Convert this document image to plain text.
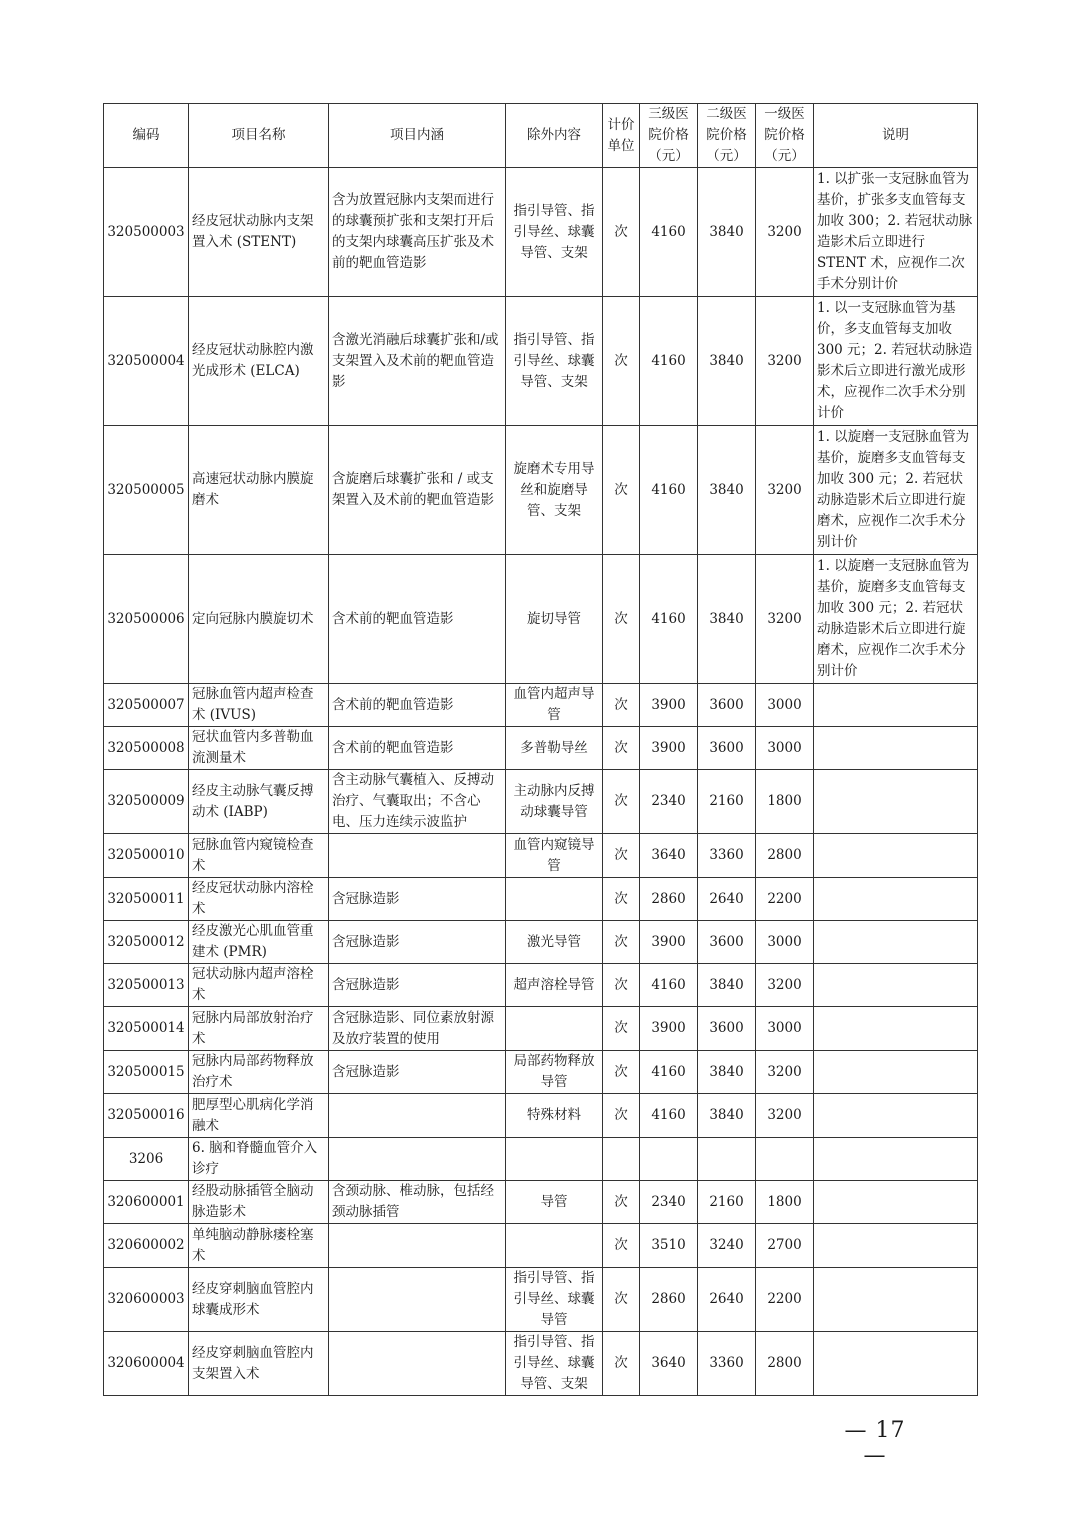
编码	项目名称	项目内涵	除外内容	计价单位	三级医院价格（元）	二级医院价格（元）	一级医院价格（元）	说明
320500003	经皮冠状动脉内支架置入术 (STENT)	含为放置冠脉内支架而进行的球囊预扩张和支架打开后的支架内球囊高压扩张及术前的靶血管造影	指引导管、指引导丝、球囊导管、支架	次	4160	3840	3200	1. 以扩张一支冠脉血管为基价，扩张多支血管每支加收 300；2. 若冠状动脉造影术后立即进行 STENT 术，应视作二次手术分别计价
320500004	经皮冠状动脉腔内激光成形术 (ELCA)	含激光消融后球囊扩张和/或支架置入及术前的靶血管造影	指引导管、指引导丝、球囊导管、支架	次	4160	3840	3200	1. 以一支冠脉血管为基价，多支血管每支加收 300 元；2. 若冠状动脉造影术后立即进行激光成形术，应视作二次手术分别计价
320500005	高速冠状动脉内膜旋磨术	含旋磨后球囊扩张和 / 或支架置入及术前的靶血管造影	旋磨术专用导丝和旋磨导管、支架	次	4160	3840	3200	1. 以旋磨一支冠脉血管为基价，旋磨多支血管每支加收 300 元；2. 若冠状动脉造影术后立即进行旋磨术，应视作二次手术分别计价
320500006	定向冠脉内膜旋切术	含术前的靶血管造影	旋切导管	次	4160	3840	3200	1. 以旋磨一支冠脉血管为基价，旋磨多支血管每支加收 300 元；2. 若冠状动脉造影术后立即进行旋磨术，应视作二次手术分别计价
320500007	冠脉血管内超声检查术 (IVUS)	含术前的靶血管造影	血管内超声导管	次	3900	3600	3000	
320500008	冠状血管内多普勒血流测量术	含术前的靶血管造影	多普勒导丝	次	3900	3600	3000	
320500009	经皮主动脉气囊反搏动术 (IABP)	含主动脉气囊植入、反搏动治疗、气囊取出；不含心电、压力连续示波监护	主动脉内反搏动球囊导管	次	2340	2160	1800	
320500010	冠脉血管内窥镜检查术		血管内窥镜导管	次	3640	3360	2800	
320500011	经皮冠状动脉内溶栓术	含冠脉造影		次	2860	2640	2200	
320500012	经皮激光心肌血管重建术 (PMR)	含冠脉造影	激光导管	次	3900	3600	3000	
320500013	冠状动脉内超声溶栓术	含冠脉造影	超声溶栓导管	次	4160	3840	3200	
320500014	冠脉内局部放射治疗术	含冠脉造影、同位素放射源及放疗装置的使用		次	3900	3600	3000	
320500015	冠脉内局部药物释放治疗术	含冠脉造影	局部药物释放导管	次	4160	3840	3200	
320500016	肥厚型心肌病化学消融术		特殊材料	次	4160	3840	3200	
3206	6. 脑和脊髓血管介入诊疗							
320600001	经股动脉插管全脑动脉造影术	含颈动脉、椎动脉，包括经颈动脉插管	导管	次	2340	2160	1800	
320600002	单纯脑动静脉瘘栓塞术			次	3510	3240	2700	
320600003	经皮穿刺脑血管腔内球囊成形术		指引导管、指引导丝、球囊导管	次	2860	2640	2200	
320600004	经皮穿刺脑血管腔内支架置入术		指引导管、指引导丝、球囊导管、支架	次	3640	3360	2800	
— 17 —
